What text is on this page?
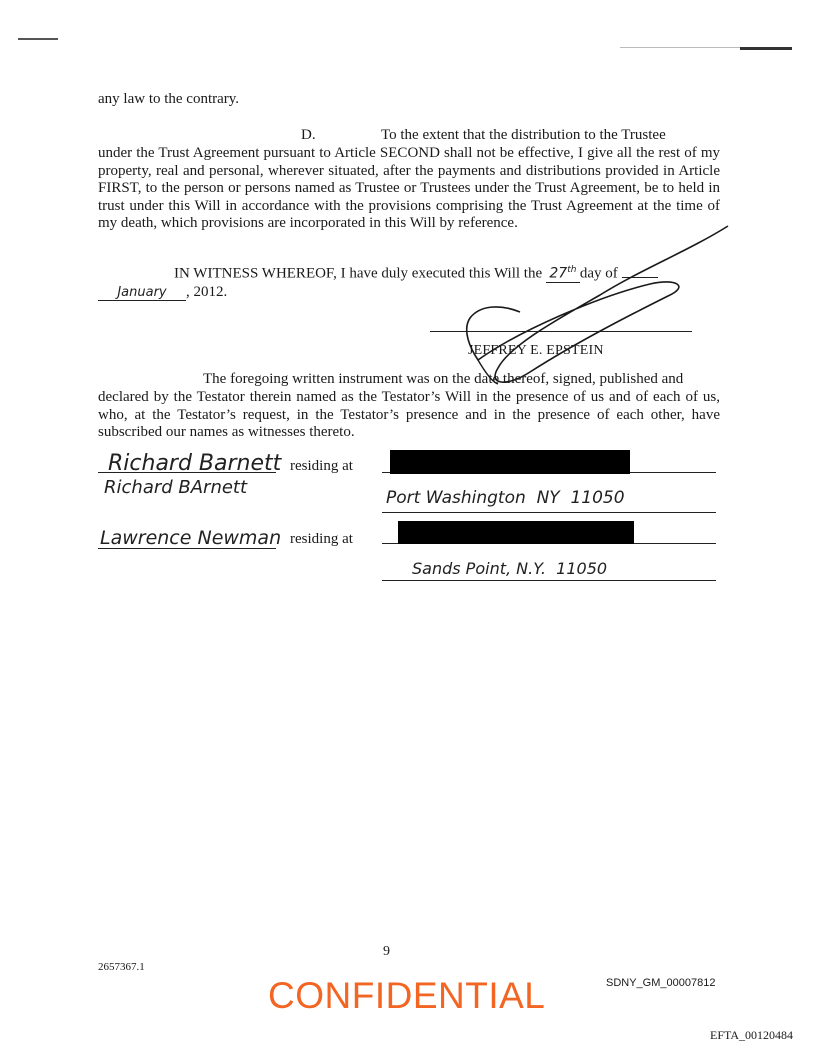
any law to the contrary.
D.	To the extent that the distribution to the Trustee
under the Trust Agreement pursuant to Article SECOND shall not be effective, I give all the rest of my property, real and personal, wherever situated, after the payments and distributions provided in Article FIRST, to the person or persons named as Trustee or Trustees under the Trust Agreement, be to held in trust under this Will in accordance with the provisions comprising the Trust Agreement at the time of my death, which provisions are incorporated in this Will by reference.
IN WITNESS WHEREOF, I have duly executed this Will the 27th day of
January , 2012.
JEFFREY E. EPSTEIN
The foregoing written instrument was on the date thereof, signed, published and
declared by the Testator therein named as the Testator’s Will in the presence of us and of each of us, who, at the Testator’s request, in the Testator’s presence and in the presence of each other, have subscribed our names as witnesses thereto.
Richard Barnett residing at
Richard BArnett	Port Washington  NY  11050
Lawrence Newman residing at
Sands Point, N.Y.  11050
9
2657367.1
CONFIDENTIAL	SDNY_GM_00007812
EFTA_00120484
